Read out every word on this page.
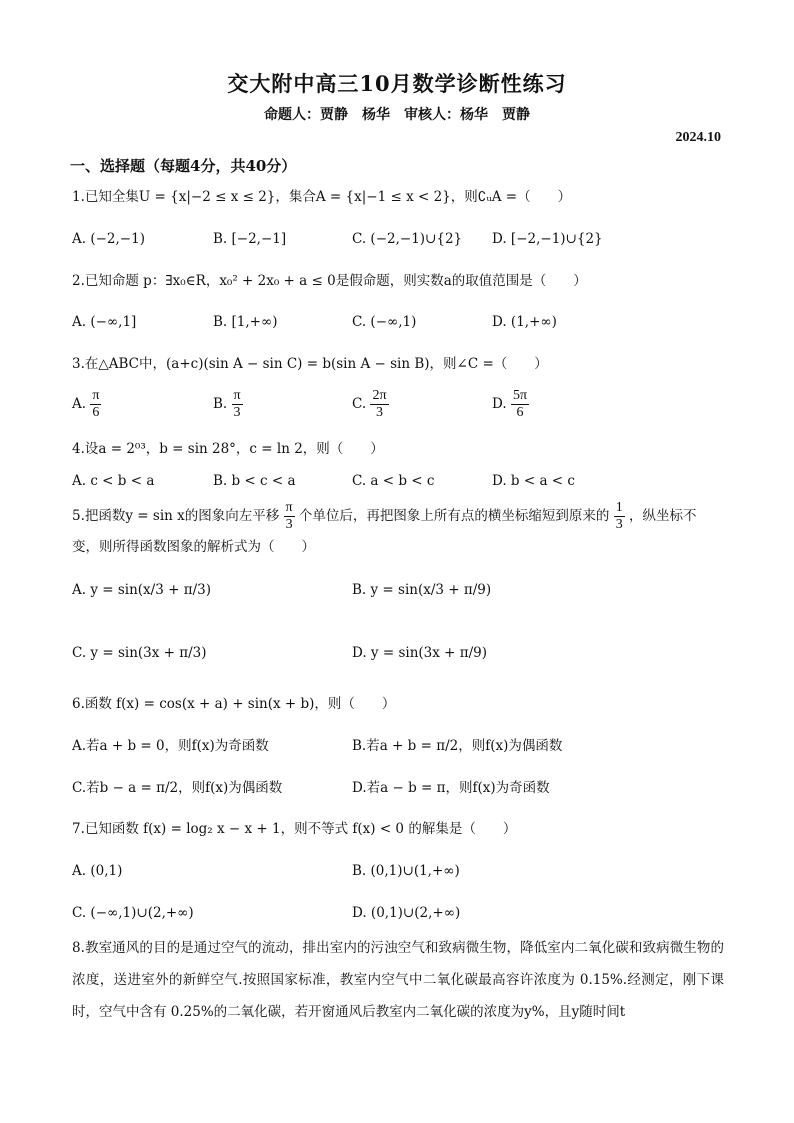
交大附中高三10月数学诊断性练习
命题人：贾静　杨华　审核人：杨华　贾静
2024.10
一、选择题（每题4分，共40分）
1.已知全集U = {x|−2 ≤ x ≤ 2}，集合A = {x|−1 ≤ x < 2}，则∁ᵤA =（　　）
A. (−2,−1)	B. [−2,−1]	C. (−2,−1)∪{2} D. [−2,−1)∪{2}
2.已知命题 p：∃x₀∈R，x₀² + 2x₀ + a ≤ 0是假命题，则实数a的取值范围是（　　）
A. (−∞,1]	B. [1,+∞)	C. (−∞,1)	D. (1,+∞)
3.在△ABC中，(a+c)(sin A − sin C) = b(sin A − sin B)，则∠C =（　　）
A. $\frac{\pi}{6}$	B. $\frac{\pi}{3}$	C. $\frac{2\pi}{3}$	D. $\frac{5\pi}{6}$
4.设a = 2⁰³，b = sin 28°，c = ln 2，则（　　）
A. c < b < a	B. b < c < a	C. a < b < c	D. b < a < c
5.把函数y = sin x的图象向左平移 $\frac{\pi}{3}$ 个单位后，再把图象上所有点的横坐标缩短到原来的 $\frac{1}{3}$ ，纵坐标不
变，则所得函数图象的解析式为（　　）
A. y = sin(x/3 + π/3)	B. y = sin(x/3 + π/9)
C. y = sin(3x + π/3)	D. y = sin(3x + π/9)
6.函数 f(x) = cos(x + a) + sin(x + b)，则（　　）
A.若a + b = 0，则f(x)为奇函数	B.若a + b = π/2，则f(x)为偶函数
C.若b − a = π/2，则f(x)为偶函数	D.若a − b = π，则f(x)为奇函数
7.已知函数 f(x) = log₂ x − x + 1，则不等式 f(x) < 0 的解集是（　　）
A. (0,1)	B. (0,1)∪(1,+∞)
C. (−∞,1)∪(2,+∞)	D. (0,1)∪(2,+∞)
8.教室通风的目的是通过空气的流动，排出室内的污浊空气和致病微生物，降低室内二氧化碳和致病微生物的浓度，送进室外的新鲜空气.按照国家标准，教室内空气中二氧化碳最高容许浓度为 0.15%.经测定，刚下课时，空气中含有 0.25%的二氧化碳，若开窗通风后教室内二氧化碳的浓度为y%，且y随时间t
